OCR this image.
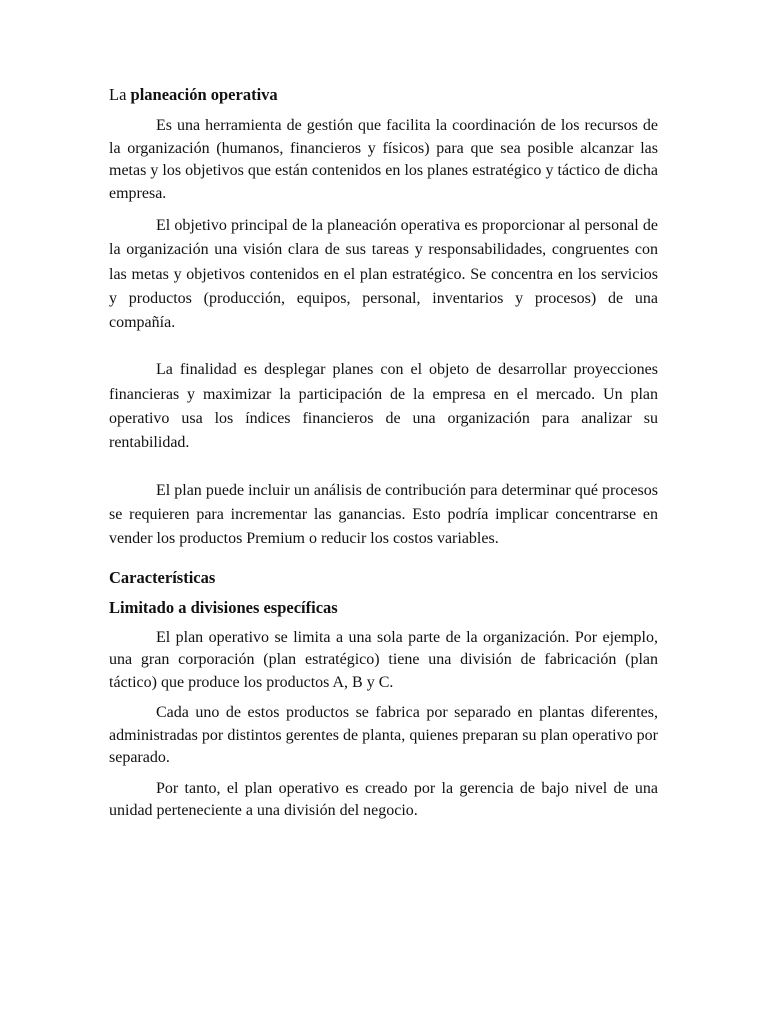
La planeación operativa

Es una herramienta de gestión que facilita la coordinación de los recursos de la organización (humanos, financieros y físicos) para que sea posible alcanzar las metas y los objetivos que están contenidos en los planes estratégico y táctico de dicha empresa.

El objetivo principal de la planeación operativa es proporcionar al personal de la organización una visión clara de sus tareas y responsabilidades, congruentes con las metas y objetivos contenidos en el plan estratégico. Se concentra en los servicios y productos (producción, equipos, personal, inventarios y procesos) de una compañía.

La finalidad es desplegar planes con el objeto de desarrollar proyecciones financieras y maximizar la participación de la empresa en el mercado. Un plan operativo usa los índices financieros de una organización para analizar su rentabilidad.

El plan puede incluir un análisis de contribución para determinar qué procesos se requieren para incrementar las ganancias. Esto podría implicar concentrarse en vender los productos Premium o reducir los costos variables.

Características
Limitado a divisiones específicas

El plan operativo se limita a una sola parte de la organización. Por ejemplo, una gran corporación (plan estratégico) tiene una división de fabricación (plan táctico) que produce los productos A, B y C.

Cada uno de estos productos se fabrica por separado en plantas diferentes, administradas por distintos gerentes de planta, quienes preparan su plan operativo por separado.

Por tanto, el plan operativo es creado por la gerencia de bajo nivel de una unidad perteneciente a una división del negocio.
